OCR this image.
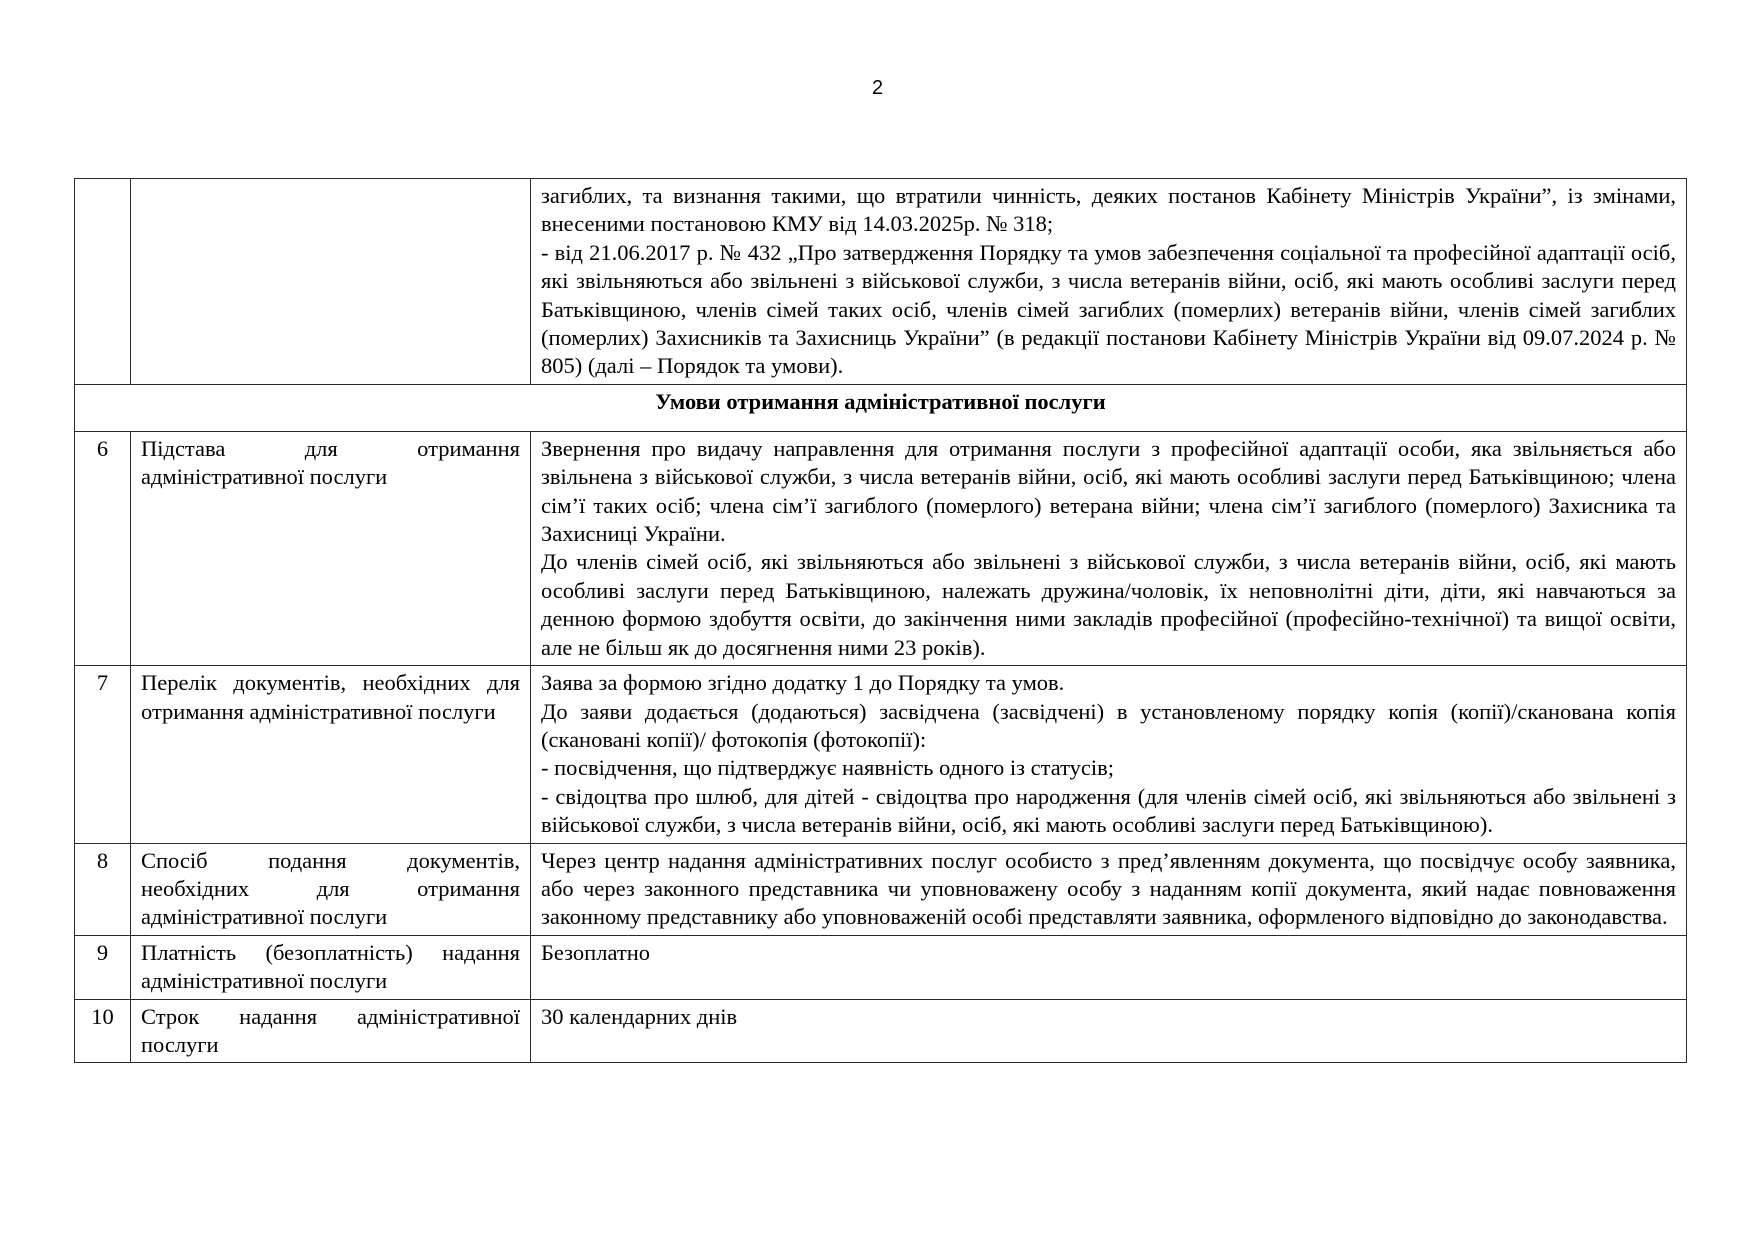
2

		загиблих, та визнання такими, що втратили чинність, деяких постанов Кабінету Міністрів України”, із змінами, внесеними постановою КМУ від 14.03.2025р. № 318;

- від 21.06.2017 р. № 432 „Про затвердження Порядку та умов забезпечення соціальної та професійної адаптації осіб, які звільняються або звільнені з військової служби, з числа ветеранів війни, осіб, які мають особливі заслуги перед Батьківщиною, членів сімей таких осіб, членів сімей загиблих (померлих) ветеранів війни, членів сімей загиблих (померлих) Захисників та Захисниць України” (в редакції постанови Кабінету Міністрів України від 09.07.2024 р. № 805) (далі – Порядок та умови).

Умови отримання адміністративної послуги		
6	Підстава для отримання адміністративної послуги	Звернення про видачу направлення для отримання послуги з професійної адаптації особи, яка звільняється або звільнена з військової служби, з числа ветеранів війни, осіб, які мають особливі заслуги перед Батьківщиною; члена сім’ї таких осіб; члена сім’ї загиблого (померлого) ветерана війни; члена сім’ї загиблого (померлого) Захисника та Захисниці України.

До членів сімей осіб, які звільняються або звільнені з військової служби, з числа ветеранів війни, осіб, які мають особливі заслуги перед Батьківщиною, належать дружина/чоловік, їх неповнолітні діти, діти, які навчаються за денною формою здобуття освіти, до закінчення ними закладів професійної (професійно-технічної) та вищої освіти, але не більш як до досягнення ними 23 років).

7	Перелік документів, необхідних для отримання адміністративної послуги	Заява за формою згідно додатку 1 до Порядку та умов.

До заяви додається (додаються) засвідчена (засвідчені) в установленому порядку копія (копії)/сканована копія (скановані копії)/ фотокопія (фотокопії):

- посвідчення, що підтверджує наявність одного із статусів;

- свідоцтва про шлюб, для дітей - свідоцтва про народження (для членів сімей осіб, які звільняються або звільнені з військової служби, з числа ветеранів війни, осіб, які мають особливі заслуги перед Батьківщиною).

8	Спосіб подання документів, необхідних для отримання адміністративної послуги	Через центр надання адміністративних послуг особисто з пред’явленням документа, що посвідчує особу заявника, або через законного представника чи уповноважену особу з наданням копії документа, який надає повноваження законному представнику або уповноваженій особі представляти заявника, оформленого відповідно до законодавства.

9	Платність (безоплатність) надання адміністративної послуги	Безоплатно

10	Строк надання адміністративної послуги	30 календарних днів
